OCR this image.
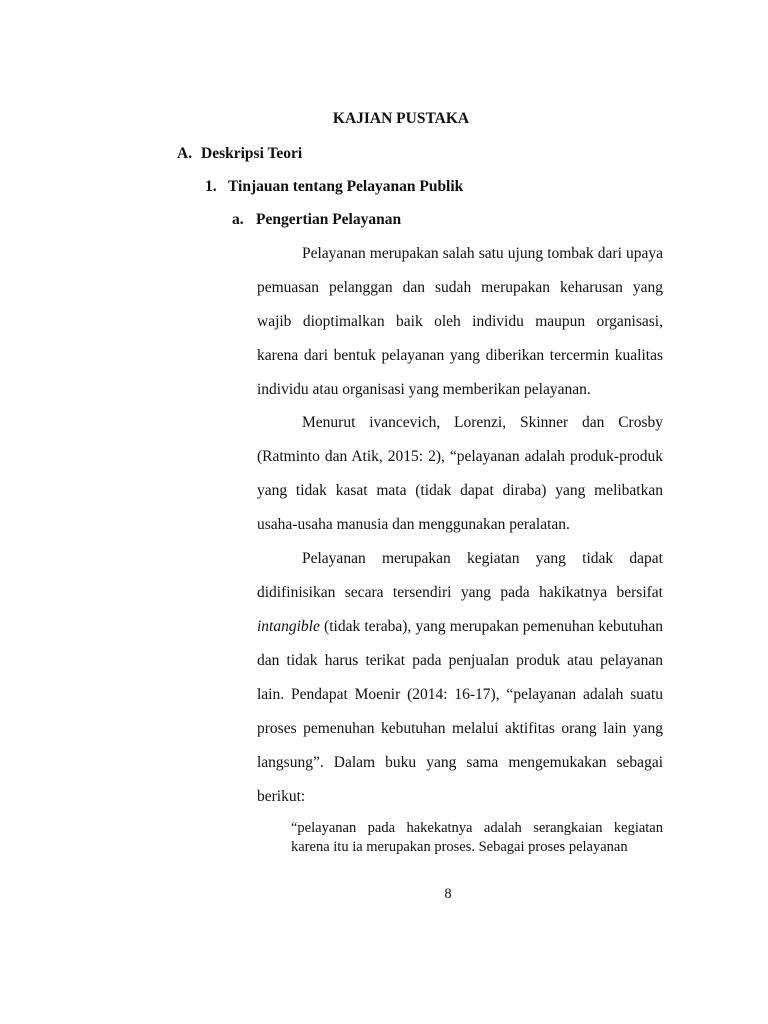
KAJIAN PUSTAKA
A. Deskripsi Teori
1. Tinjauan tentang Pelayanan Publik
a. Pengertian Pelayanan

Pelayanan merupakan salah satu ujung tombak dari upaya pemuasan pelanggan dan sudah merupakan keharusan yang wajib dioptimalkan baik oleh individu maupun organisasi, karena dari bentuk pelayanan yang diberikan tercermin kualitas individu atau organisasi yang memberikan pelayanan.

Menurut ivancevich, Lorenzi, Skinner dan Crosby (Ratminto dan Atik, 2015: 2), “pelayanan adalah produk-produk yang tidak kasat mata (tidak dapat diraba) yang melibatkan usaha-usaha manusia dan menggunakan peralatan.

Pelayanan merupakan kegiatan yang tidak dapat didifinisikan secara tersendiri yang pada hakikatnya bersifat intangible (tidak teraba), yang merupakan pemenuhan kebutuhan dan tidak harus terikat pada penjualan produk atau pelayanan lain. Pendapat Moenir (2014: 16-17), “pelayanan adalah suatu proses pemenuhan kebutuhan melalui aktifitas orang lain yang langsung”. Dalam buku yang sama mengemukakan sebagai berikut:

“pelayanan pada hakekatnya adalah serangkaian kegiatan karena itu ia merupakan proses. Sebagai proses pelayanan

8
